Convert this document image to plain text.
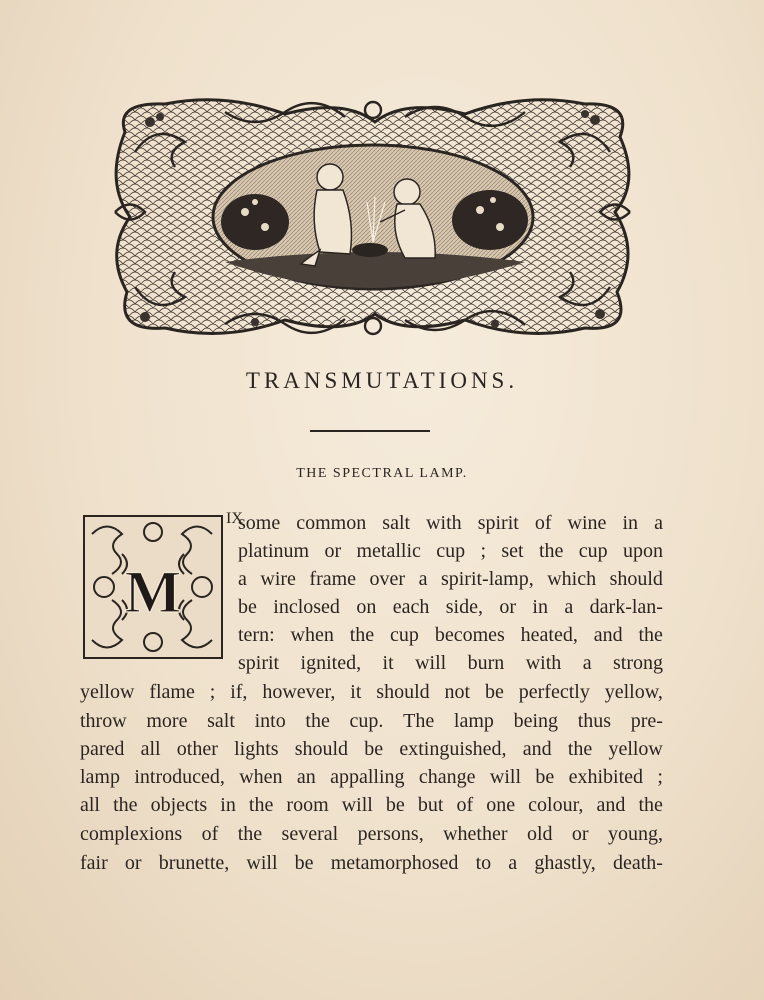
TRANSMUTATIONS.
THE SPECTRAL LAMP.
M
IX
some common salt with spirit of wine in a
platinum or metallic cup ; set the cup upon
a wire frame over a spirit-lamp, which should
be inclosed on each side, or in a dark-lan-
tern: when the cup becomes heated, and the
spirit ignited, it will burn with a strong
yellow flame ; if, however, it should not be perfectly yellow,
throw more salt into the cup. The lamp being thus pre-
pared all other lights should be extinguished, and the yellow
lamp introduced, when an appalling change will be exhibited ;
all the objects in the room will be but of one colour, and the
complexions of the several persons, whether old or young,
fair or brunette, will be metamorphosed to a ghastly, death-
